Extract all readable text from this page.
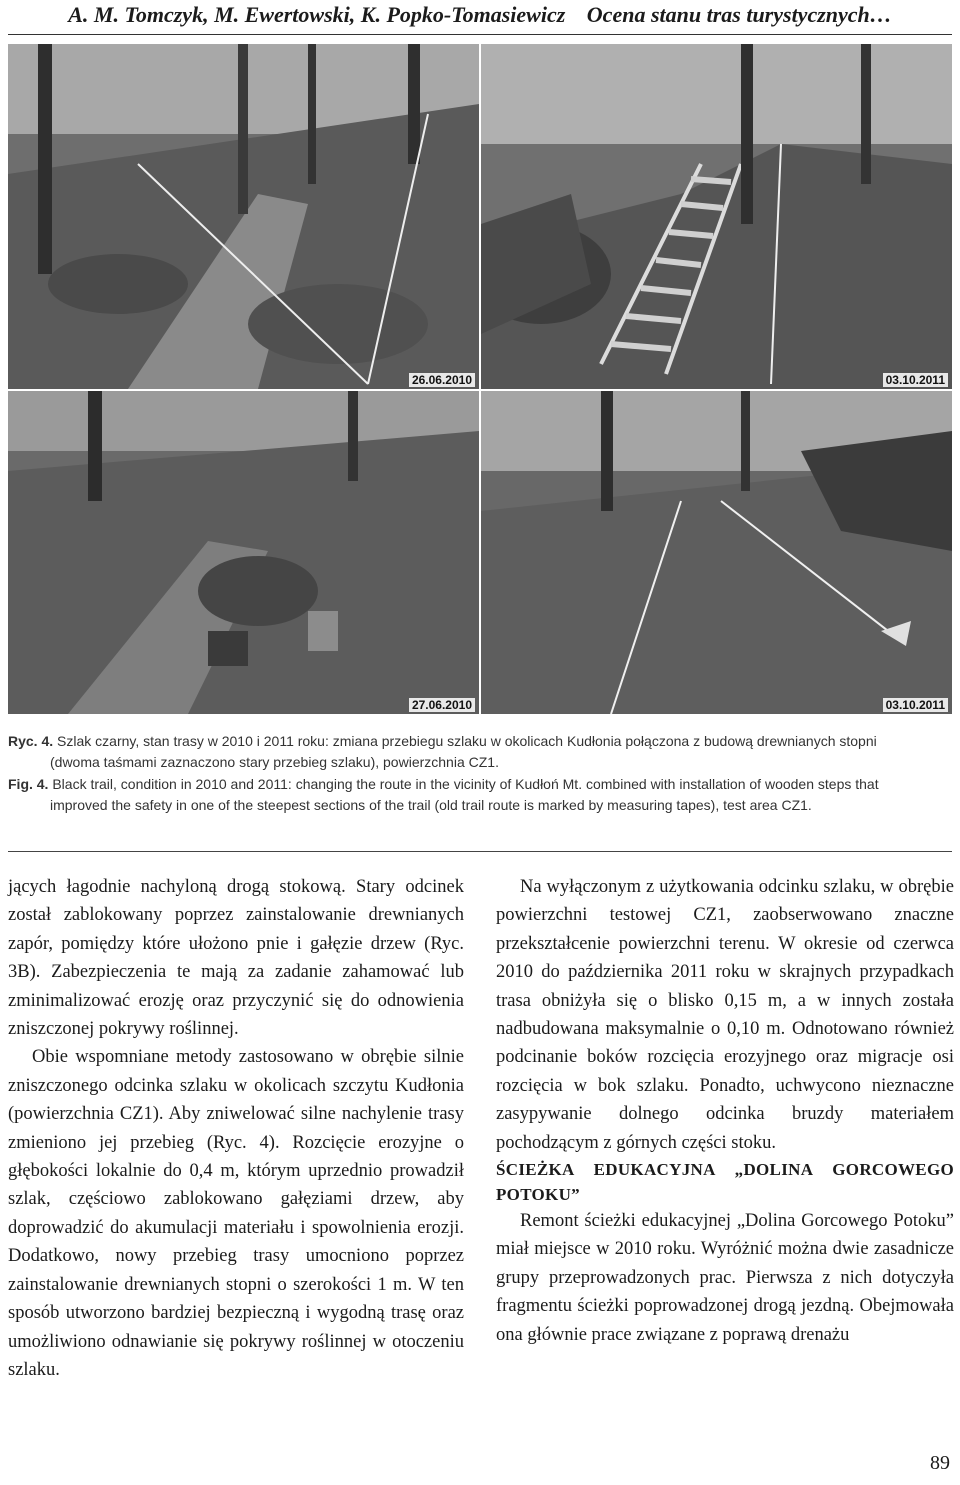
A. M. Tomczyk, M. Ewertowski, K. Popko-Tomasiewicz Ocena stanu tras turystycznych…
26.06.2010	03.10.2011
27.06.2010	03.10.2011
Ryc. 4. Szlak czarny, stan trasy w 2010 i 2011 roku: zmiana przebiegu szlaku w okolicach Kudłonia połączona z budową drewnianych stopni
(dwoma taśmami zaznaczono stary przebieg szlaku), powierzchnia CZ1.
Fig. 4. Black trail, condition in 2010 and 2011: changing the route in the vicinity of Kudłoń Mt. combined with installation of wooden steps that
improved the safety in one of the steepest sections of the trail (old trail route is marked by measuring tapes), test area CZ1.

jących łagodnie nachyloną drogą stokową. Stary odcinek został zablokowany poprzez zainstalowanie drewnianych zapór, pomiędzy które ułożono pnie i gałęzie drzew (Ryc. 3B). Zabezpieczenia te mają za zadanie zahamować lub zminimalizować erozję oraz przyczynić się do odnowienia zniszczonej pokrywy roślinnej.

Obie wspomniane metody zastosowano w obrębie silnie zniszczonego odcinka szlaku w okolicach szczytu Kudłonia (powierzchnia CZ1). Aby zniwelować silne nachylenie trasy zmieniono jej przebieg (Ryc. 4). Rozcięcie erozyjne o głębokości lokalnie do 0,4 m, którym uprzednio prowadził szlak, częściowo zablokowano gałęziami drzew, aby doprowadzić do akumulacji materiału i spowolnienia erozji. Dodatkowo, nowy przebieg trasy umocniono poprzez zainstalowanie drewnianych stopni o szerokości 1 m. W ten sposób utworzono bardziej bezpieczną i wygodną trasę oraz umożliwiono odnawianie się pokrywy roślinnej w otoczeniu szlaku.

Na wyłączonym z użytkowania odcinku szlaku, w obrębie powierzchni testowej CZ1, zaobserwowano znaczne przekształcenie powierzchni terenu. W okresie od czerwca 2010 do października 2011 roku w skrajnych przypadkach trasa obniżyła się o blisko 0,15 m, a w innych została nadbudowana maksymalnie o 0,10 m. Odnotowano również podcinanie boków rozcięcia erozyjnego oraz migracje osi rozcięcia w bok szlaku. Ponadto, uchwycono nieznaczne zasypywanie dolnego odcinka bruzdy materiałem pochodzącym z górnych części stoku.

ŚCIEŻKA EDUKACYJNA „DOLINA GORCOWEGO POTOKU”

Remont ścieżki edukacyjnej „Dolina Gorcowego Potoku” miał miejsce w 2010 roku. Wyróżnić można dwie zasadnicze grupy przeprowadzonych prac. Pierwsza z nich dotyczyła fragmentu ścieżki poprowadzonej drogą jezdną. Obejmowała ona głównie prace związane z poprawą drenażu

89
